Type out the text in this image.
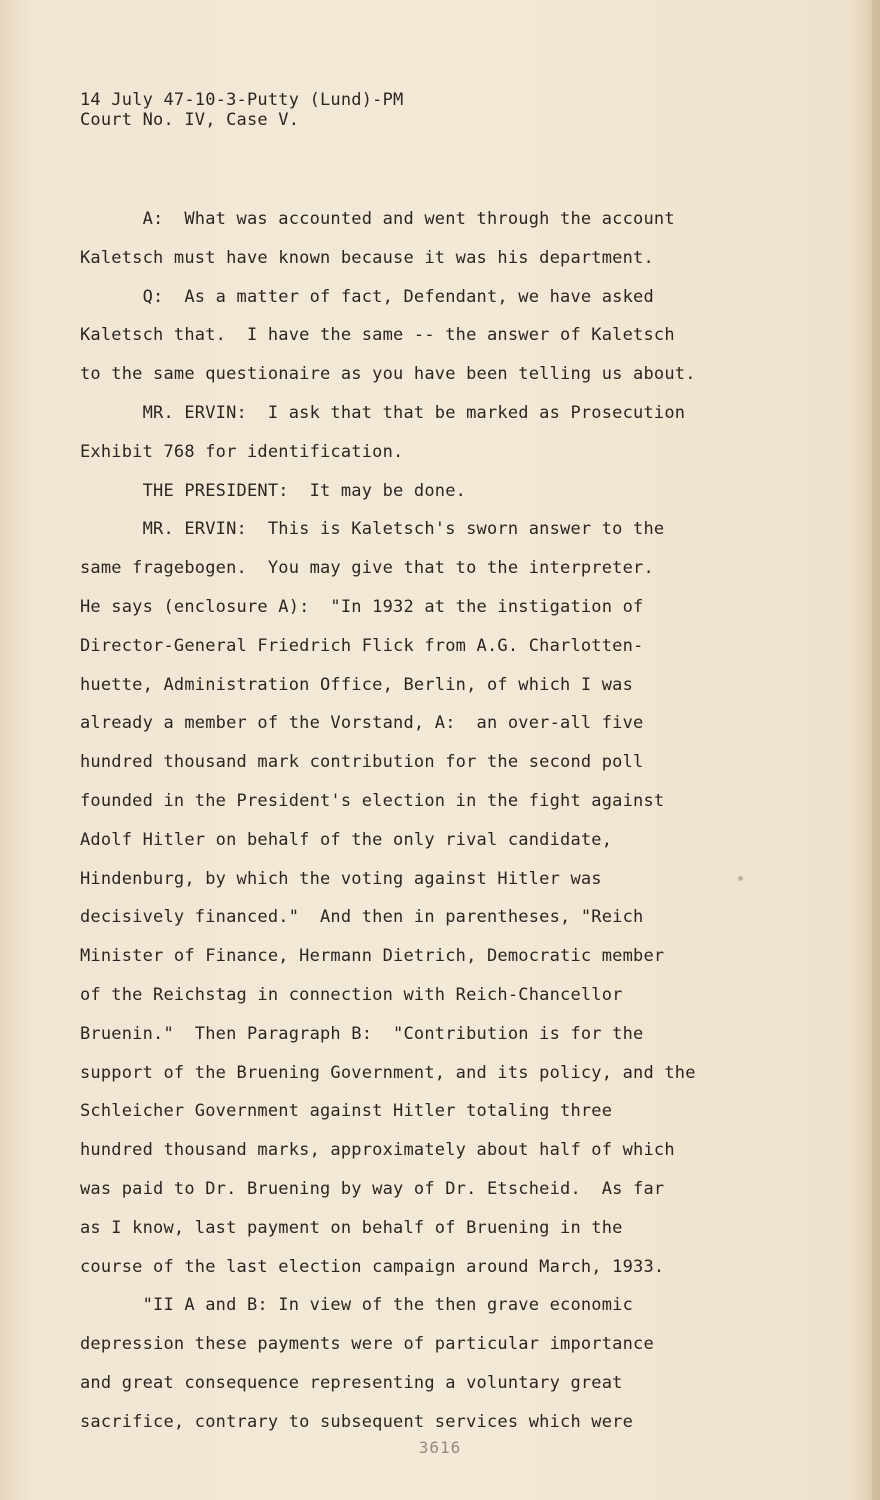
14 July 47-10-3-Putty (Lund)-PM
Court No. IV, Case V.
A:  What was accounted and went through the account
Kaletsch must have known because it was his department.
Q:  As a matter of fact, Defendant, we have asked
Kaletsch that.  I have the same -- the answer of Kaletsch
to the same questionaire as you have been telling us about.
MR. ERVIN:  I ask that that be marked as Prosecution
Exhibit 768 for identification.
THE PRESIDENT:  It may be done.
MR. ERVIN:  This is Kaletsch's sworn answer to the
same fragebogen.  You may give that to the interpreter.
He says (enclosure A):  "In 1932 at the instigation of
Director-General Friedrich Flick from A.G. Charlotten-
huette, Administration Office, Berlin, of which I was
already a member of the Vorstand, A:  an over-all five
hundred thousand mark contribution for the second poll
founded in the President's election in the fight against
Adolf Hitler on behalf of the only rival candidate,
Hindenburg, by which the voting against Hitler was
decisively financed."  And then in parentheses, "Reich
Minister of Finance, Hermann Dietrich, Democratic member
of the Reichstag in connection with Reich-Chancellor
Bruenin."  Then Paragraph B:  "Contribution is for the
support of the Bruening Government, and its policy, and the
Schleicher Government against Hitler totaling three
hundred thousand marks, approximately about half of which
was paid to Dr. Bruening by way of Dr. Etscheid.  As far
as I know, last payment on behalf of Bruening in the
course of the last election campaign around March, 1933.
"II A and B: In view of the then grave economic
depression these payments were of particular importance
and great consequence representing a voluntary great
sacrifice, contrary to subsequent services which were
3616
